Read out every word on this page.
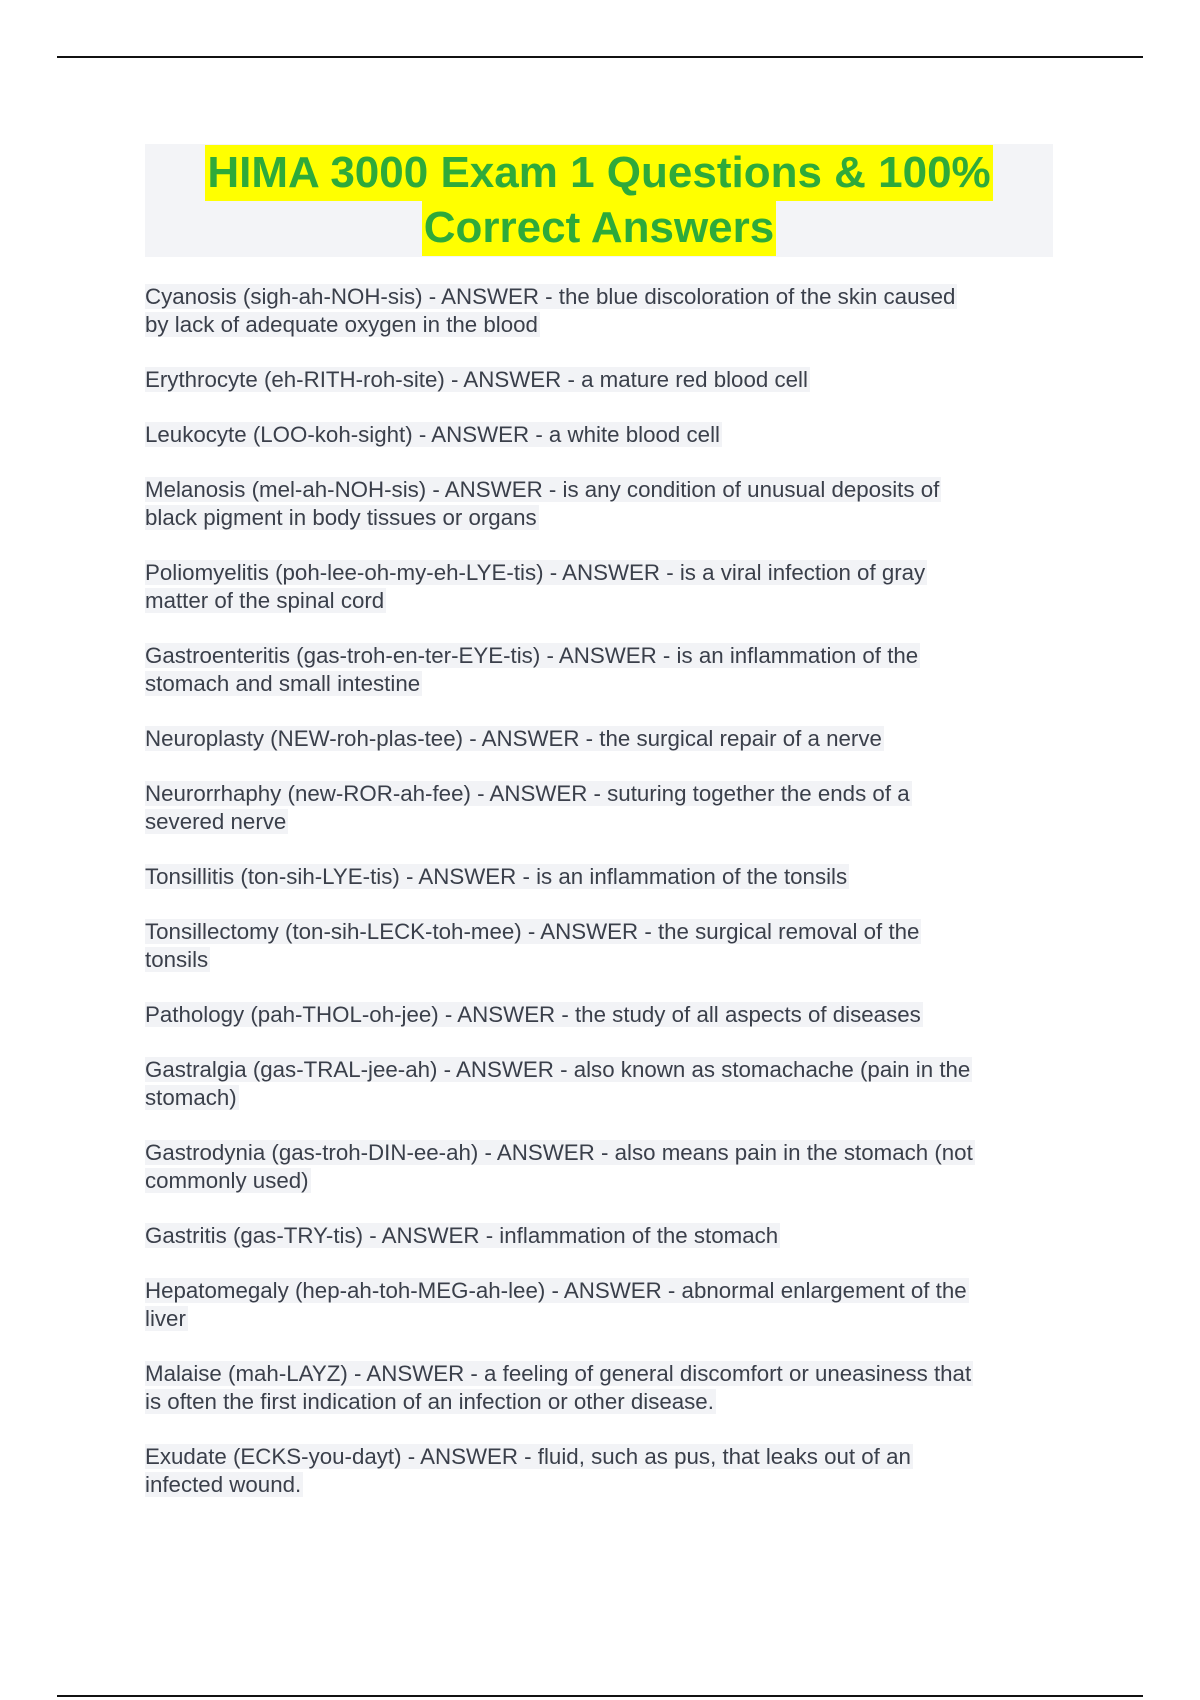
HIMA 3000 Exam 1 Questions & 100%
Correct Answers
Cyanosis (sigh-ah-NOH-sis) - ANSWER - the blue discoloration of the skin caused
by lack of adequate oxygen in the blood
Erythrocyte (eh-RITH-roh-site) - ANSWER - a mature red blood cell
Leukocyte (LOO-koh-sight) - ANSWER - a white blood cell
Melanosis (mel-ah-NOH-sis) - ANSWER - is any condition of unusual deposits of
black pigment in body tissues or organs
Poliomyelitis (poh-lee-oh-my-eh-LYE-tis) - ANSWER - is a viral infection of gray
matter of the spinal cord
Gastroenteritis (gas-troh-en-ter-EYE-tis) - ANSWER - is an inflammation of the
stomach and small intestine
Neuroplasty (NEW-roh-plas-tee) - ANSWER - the surgical repair of a nerve
Neurorrhaphy (new-ROR-ah-fee) - ANSWER - suturing together the ends of a
severed nerve
Tonsillitis (ton-sih-LYE-tis) - ANSWER - is an inflammation of the tonsils
Tonsillectomy (ton-sih-LECK-toh-mee) - ANSWER - the surgical removal of the
tonsils
Pathology (pah-THOL-oh-jee) - ANSWER - the study of all aspects of diseases
Gastralgia (gas-TRAL-jee-ah) - ANSWER - also known as stomachache (pain in the
stomach)
Gastrodynia (gas-troh-DIN-ee-ah) - ANSWER - also means pain in the stomach (not
commonly used)
Gastritis (gas-TRY-tis) - ANSWER - inflammation of the stomach
Hepatomegaly (hep-ah-toh-MEG-ah-lee) - ANSWER - abnormal enlargement of the
liver
Malaise (mah-LAYZ) - ANSWER - a feeling of general discomfort or uneasiness that
is often the first indication of an infection or other disease.
Exudate (ECKS-you-dayt) - ANSWER - fluid, such as pus, that leaks out of an
infected wound.
